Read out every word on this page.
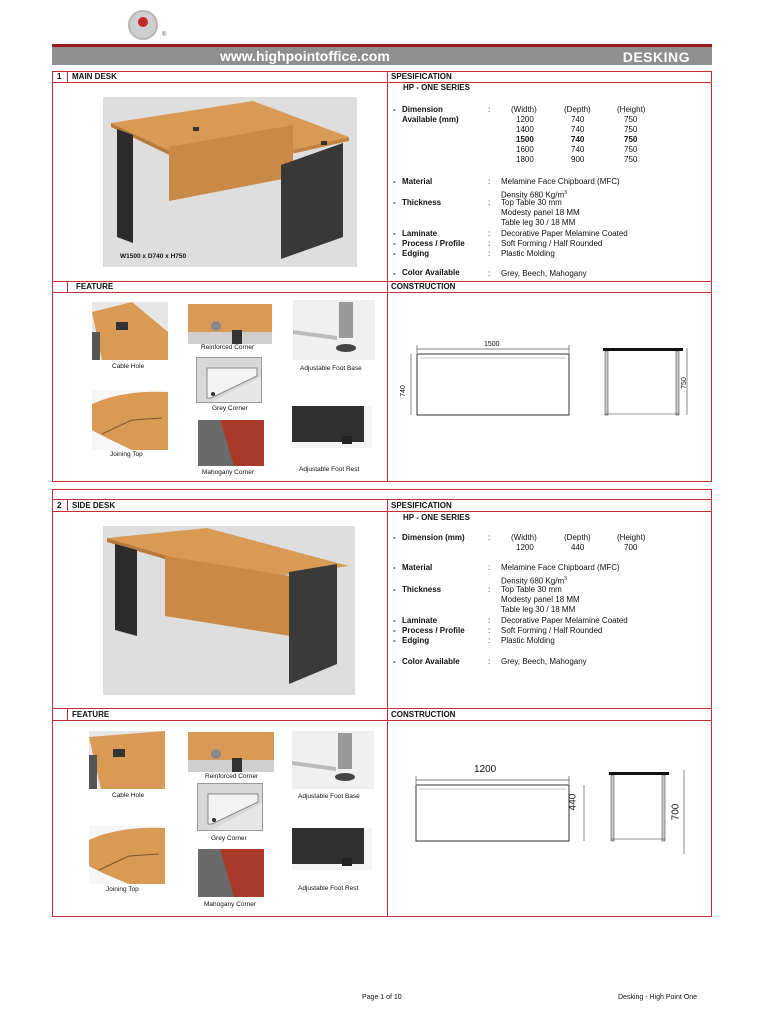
®
www.highpointoffice.com	DESKING
1 MAIN DESK	SPESIFICATION
HP - ONE SERIES
W1500 x D740 x H750
- Dimension
Available (mm)
:	(Width)	(Depth)	(Height)
1200	740	750
1400	740	750
1500	740	750
1600	740	750
1800	900	750
- Material	: Melamine Face Chipboard (MFC)
Density 680 $Kg/m^3$
- Thickness	: Top Table 30 mm
Modesty panel 18 MM
Table leg 30 / 18 MM
- Laminate	: Decorative Paper Melamine Coated
- Process / Profile	: Soft Forming / Half Rounded
- Edging	: Plastic Molding
- Color Available	: Grey, Beech, Mahogany
FEATURE	CONSTRUCTION
Cable Hole
Reinforced Corner
Adjustable Foot Base
Grey Corner
Joining Top
Mahogany Corner	Adjustable Foot Rest
1500
740
750
2 SIDE DESK	SPESIFICATION
HP - ONE SERIES
- Dimension (mm)	:	(Width)	(Depth)	(Height)
1200	440	700
- Material	: Melamine Face Chipboard (MFC)
Density 680 $Kg/m^3$
- Thickness	: Top Table 30 mm
Modesty panel 18 MM
Table leg 30 / 18 MM
- Laminate	: Decorative Paper Melamine Coated
- Process / Profile	: Soft Forming / Half Rounded
- Edging	: Plastic Molding
- Color Available	: Grey, Beech, Mahogany
FEATURE	CONSTRUCTION
Cable Hole
Reinforced Corner
Adjustable Foot Base
Grey Corner
Joining Top
Mahogany Corner
Adjustable Foot Rest
1200
440
700
Page 1 of 10	Desking - High Point One
